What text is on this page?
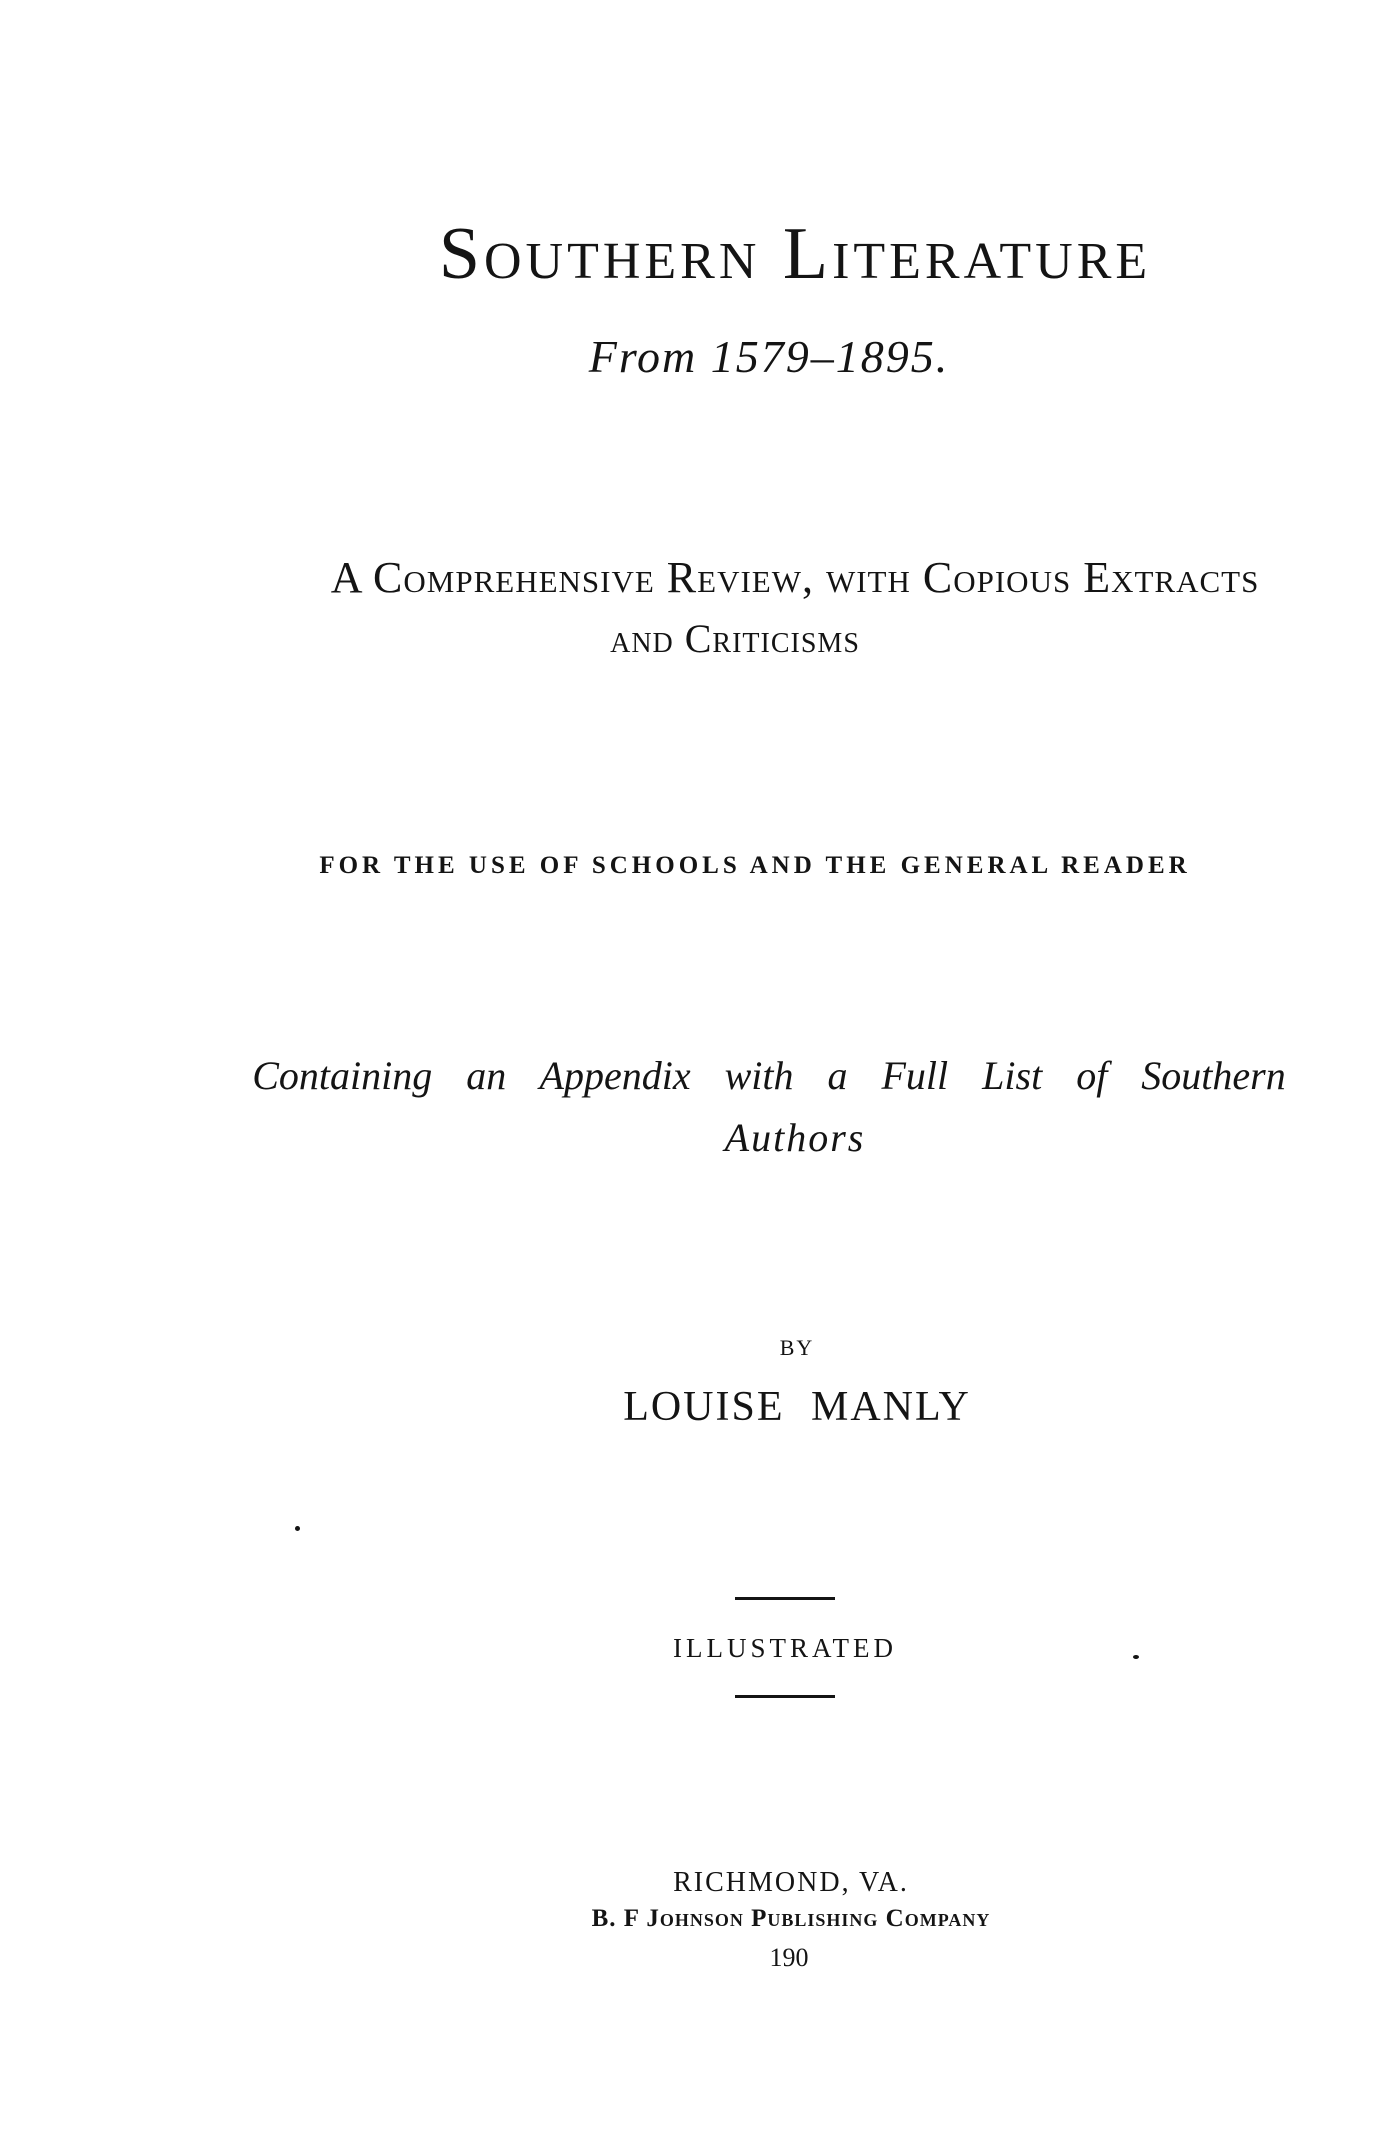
Southern Literature
From 1579–1895.
A Comprehensive Review, with Copious Extracts
and Criticisms
FOR THE USE OF SCHOOLS AND THE GENERAL READER
Containing an Appendix with a Full List of Southern
Authors
BY
LOUISE MANLY
ILLUSTRATED
RICHMOND, VA.
B. F Johnson Publishing Company
190
